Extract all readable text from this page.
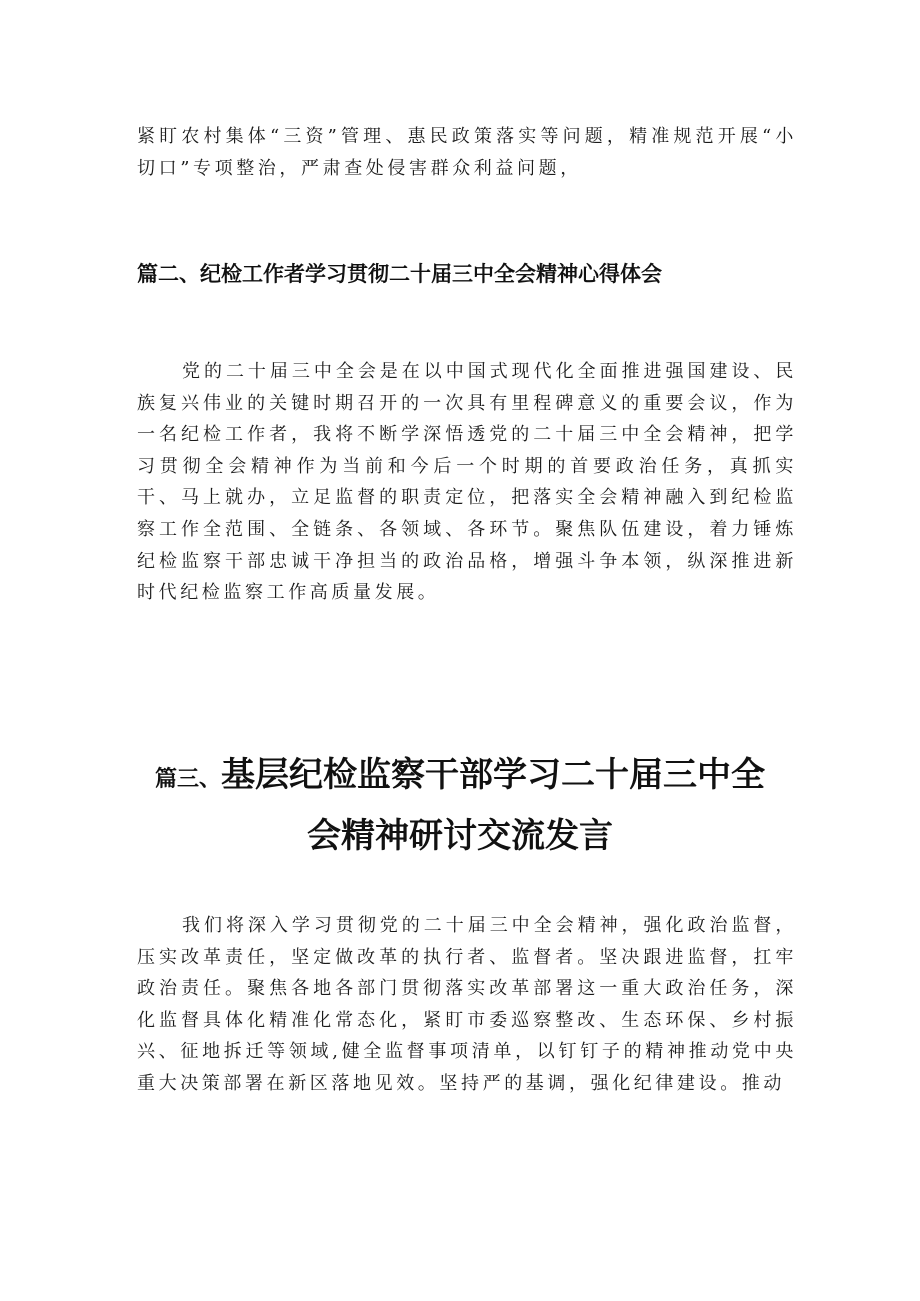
紧盯农村集体“三资”管理、惠民政策落实等问题，精准规范开展“小切口”专项整治，严肃查处侵害群众利益问题，

篇二、纪检工作者学习贯彻二十届三中全会精神心得体会

党的二十届三中全会是在以中国式现代化全面推进强国建设、民族复兴伟业的关键时期召开的一次具有里程碑意义的重要会议，作为一名纪检工作者，我将不断学深悟透党的二十届三中全会精神，把学习贯彻全会精神作为当前和今后一个时期的首要政治任务，真抓实干、马上就办，立足监督的职责定位，把落实全会精神融入到纪检监察工作全范围、全链条、各领域、各环节。聚焦队伍建设，着力锤炼纪检监察干部忠诚干净担当的政治品格，增强斗争本领，纵深推进新时代纪检监察工作高质量发展。

篇三、基层纪检监察干部学习二十届三中全
会精神研讨交流发言

我们将深入学习贯彻党的二十届三中全会精神，强化政治监督，压实改革责任，坚定做改革的执行者、监督者。坚决跟进监督，扛牢政治责任。聚焦各地各部门贯彻落实改革部署这一重大政治任务，深化监督具体化精准化常态化，紧盯市委巡察整改、生态环保、乡村振兴、征地拆迁等领域,健全监督事项清单，以钉钉子的精神推动党中央重大决策部署在新区落地见效。坚持严的基调，强化纪律建设。推动
